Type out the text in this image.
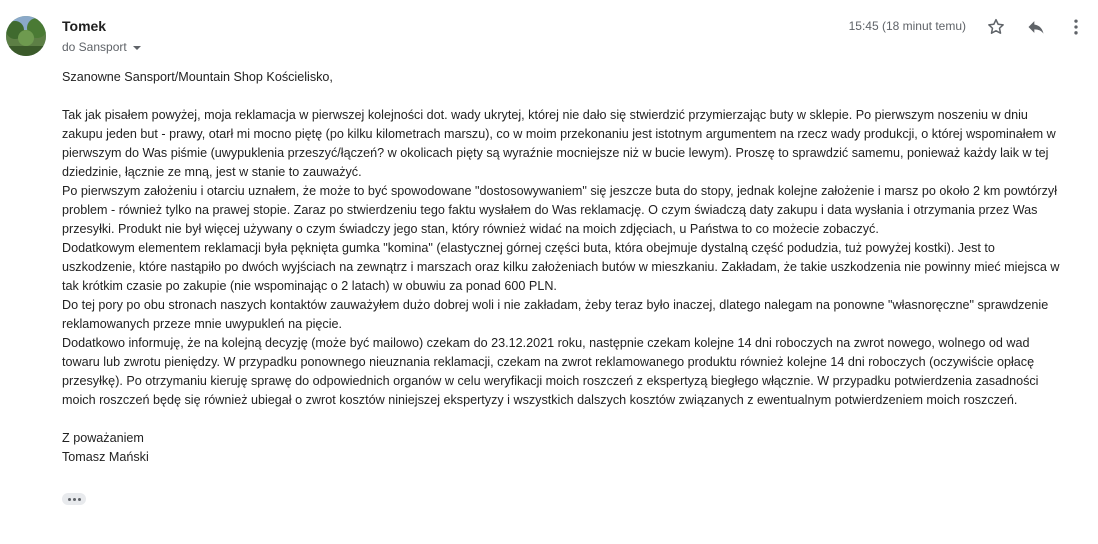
Tomek
do Sansport
15:45 (18 minut temu)

Szanowne Sansport/Mountain Shop Kościelisko,

Tak jak pisałem powyżej, moja reklamacja w pierwszej kolejności dot. wady ukrytej, której nie dało się stwierdzić przymierzając buty w sklepie. Po pierwszym noszeniu w dniu zakupu jeden but - prawy, otarł mi mocno piętę (po kilku kilometrach marszu), co w moim przekonaniu jest istotnym argumentem na rzecz wady produkcji, o której wspominałem w pierwszym do Was piśmie (uwypuklenia przeszyć/łączeń? w okolicach pięty są wyraźnie mocniejsze niż w bucie lewym). Proszę to sprawdzić samemu, ponieważ każdy laik w tej dziedzinie, łącznie ze mną, jest w stanie to zauważyć.

Po pierwszym założeniu i otarciu uznałem, że może to być spowodowane "dostosowywaniem" się jeszcze buta do stopy, jednak kolejne założenie i marsz po około 2 km powtórzył problem - również tylko na prawej stopie. Zaraz po stwierdzeniu tego faktu wysłałem do Was reklamację. O czym świadczą daty zakupu i data wysłania i otrzymania przez Was przesyłki. Produkt nie był więcej używany o czym świadczy jego stan, który również widać na moich zdjęciach, u Państwa to co możecie zobaczyć.

Dodatkowym elementem reklamacji była pęknięta gumka "komina" (elastycznej górnej części buta, która obejmuje dystalną część podudzia, tuż powyżej kostki). Jest to uszkodzenie, które nastąpiło po dwóch wyjściach na zewnątrz i marszach oraz kilku założeniach butów w mieszkaniu. Zakładam, że takie uszkodzenia nie powinny mieć miejsca w tak krótkim czasie po zakupie (nie wspominając o 2 latach) w obuwiu za ponad 600 PLN.

Do tej pory po obu stronach naszych kontaktów zauważyłem dużo dobrej woli i nie zakładam, żeby teraz było inaczej, dlatego nalegam na ponowne "własnoręczne" sprawdzenie reklamowanych przeze mnie uwypukleń na pięcie.

Dodatkowo informuję, że na kolejną decyzję (może być mailowo) czekam do 23.12.2021 roku, następnie czekam kolejne 14 dni roboczych na zwrot nowego, wolnego od wad towaru lub zwrotu pieniędzy. W przypadku ponownego nieuznania reklamacji, czekam na zwrot reklamowanego produktu również kolejne 14 dni roboczych (oczywiście opłacę przesyłkę). Po otrzymaniu kieruję sprawę do odpowiednich organów w celu weryfikacji moich roszczeń z ekspertyzą biegłego włącznie. W przypadku potwierdzenia zasadności moich roszczeń będę się również ubiegał o zwrot kosztów niniejszej ekspertyzy i wszystkich dalszych kosztów związanych z ewentualnym potwierdzeniem moich roszczeń.

Z poważaniem

Tomasz Mański
